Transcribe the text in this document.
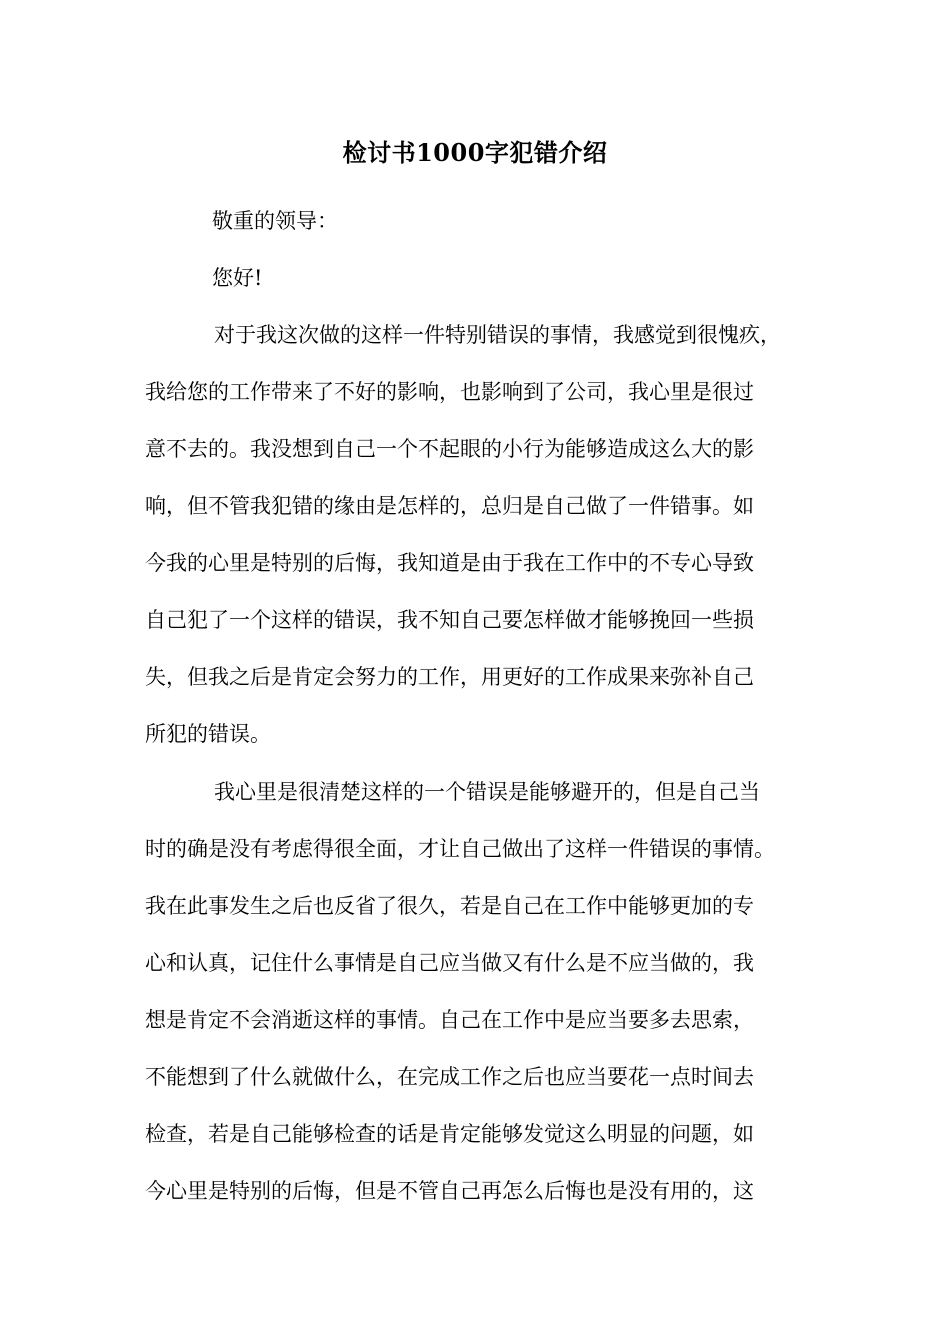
检讨书1000字犯错介绍
敬重的领导：
您好!
对于我这次做的这样一件特别错误的事情，我感觉到很愧疚，
我给您的工作带来了不好的影响，也影响到了公司，我心里是很过
意不去的。我没想到自己一个不起眼的小行为能够造成这么大的影
响，但不管我犯错的缘由是怎样的，总归是自己做了一件错事。如
今我的心里是特别的后悔，我知道是由于我在工作中的不专心导致
自己犯了一个这样的错误，我不知自己要怎样做才能够挽回一些损
失，但我之后是肯定会努力的工作，用更好的工作成果来弥补自己
所犯的错误。
我心里是很清楚这样的一个错误是能够避开的，但是自己当
时的确是没有考虑得很全面，才让自己做出了这样一件错误的事情。
我在此事发生之后也反省了很久，若是自己在工作中能够更加的专
心和认真，记住什么事情是自己应当做又有什么是不应当做的，我
想是肯定不会消逝这样的事情。自己在工作中是应当要多去思索，
不能想到了什么就做什么，在完成工作之后也应当要花一点时间去
检查，若是自己能够检查的话是肯定能够发觉这么明显的问题，如
今心里是特别的后悔，但是不管自己再怎么后悔也是没有用的，这
